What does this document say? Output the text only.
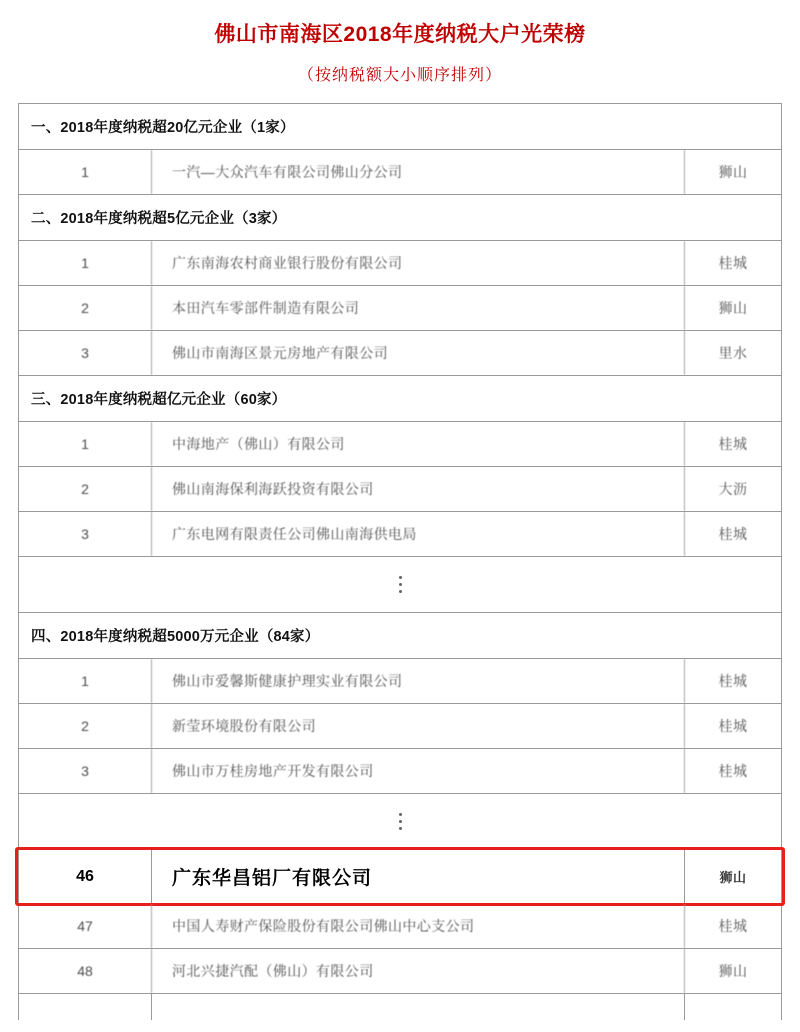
佛山市南海区2018年度纳税大户光荣榜
（按纳税额大小顺序排列）
一、2018年度纳税超20亿元企业（1家）
1	一汽—大众汽车有限公司佛山分公司	狮山
二、2018年度纳税超5亿元企业（3家）
1	广东南海农村商业银行股份有限公司	桂城
2	本田汽车零部件制造有限公司	狮山
3	佛山市南海区景元房地产有限公司	里水
三、2018年度纳税超亿元企业（60家）
1	中海地产（佛山）有限公司	桂城
2	佛山南海保利海跃投资有限公司	大沥
3	广东电网有限责任公司佛山南海供电局	桂城
四、2018年度纳税超5000万元企业（84家）
1	佛山市爱馨斯健康护理实业有限公司	桂城
2	新莹环境股份有限公司	桂城
3	佛山市万桂房地产开发有限公司	桂城
46	广东华昌铝厂有限公司	狮山
47	中国人寿财产保险股份有限公司佛山中心支公司	桂城
48	河北兴捷汽配（佛山）有限公司	狮山
